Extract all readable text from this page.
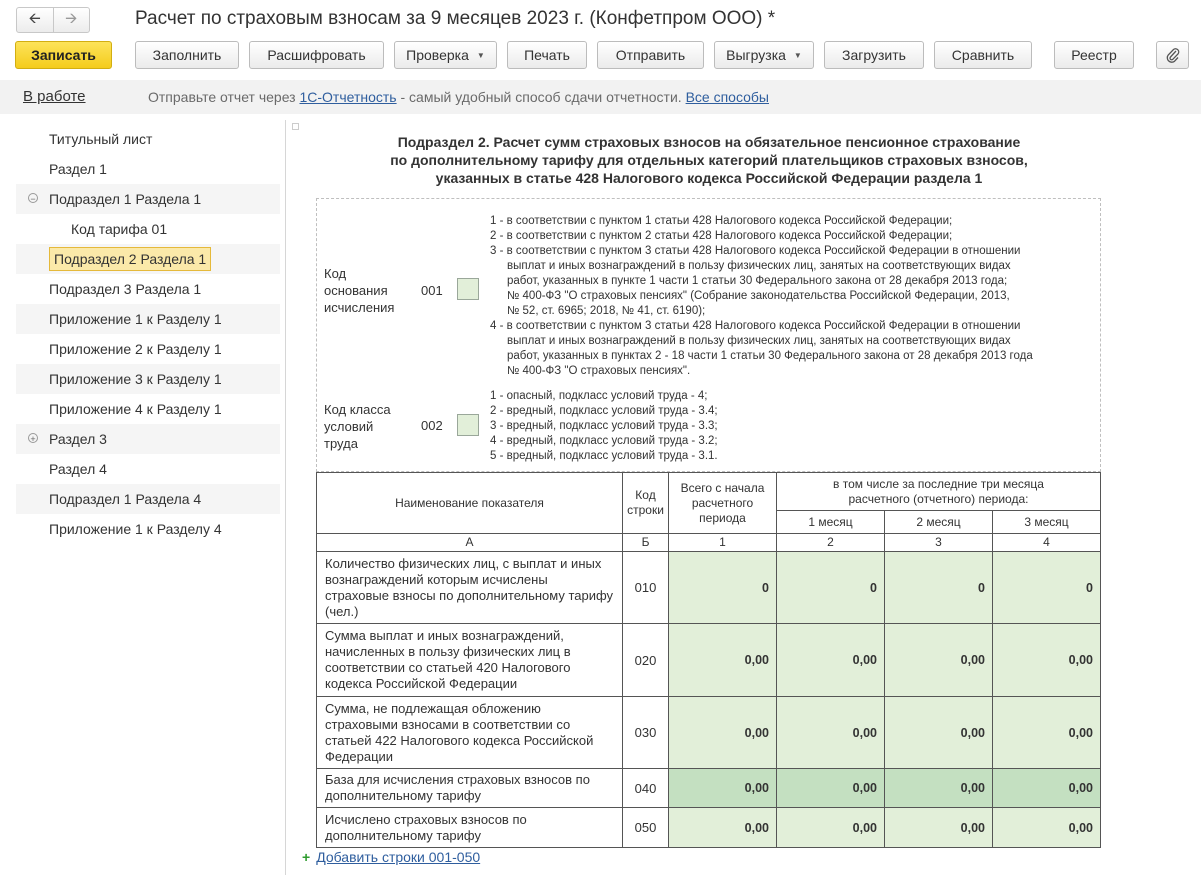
🡨	🡪	Расчет по страховым взносам за 9 месяцев 2023 г. (Конфетпром ООО) *
Записать	Заполнить	Расшифровать	Проверка ▼	Печать	Отправить	Выгрузка ▼	Загрузить	Сравнить	Реестр
В работе	Отправьте отчет через 1С-Отчетность - самый удобный способ сдачи отчетности. Все способы
Титульный лист
Раздел 1
− Подраздел 1 Раздела 1
Код тарифа 01
Подраздел 2 Раздела 1
Подраздел 3 Раздела 1
Приложение 1 к Разделу 1
Приложение 2 к Разделу 1
Приложение 3 к Разделу 1
Приложение 4 к Разделу 1
+ Раздел 3
Раздел 4
Подраздел 1 Раздела 4
Приложение 1 к Разделу 4
Подраздел 2. Расчет сумм страховых взносов на обязательное пенсионное страхование
по дополнительному тарифу для отдельных категорий плательщиков страховых взносов,
указанных в статье 428 Налогового кодекса Российской Федерации раздела 1
Код
основания
исчисления
001
1 - в соответствии с пунктом 1 статьи 428 Налогового кодекса Российской Федерации;
2 - в соответствии с пунктом 2 статьи 428 Налогового кодекса Российской Федерации;
3 - в соответствии с пунктом 3 статьи 428 Налогового кодекса Российской Федерации в отношении
выплат и иных вознаграждений в пользу физических лиц, занятых на соответствующих видах
работ, указанных в пункте 1 части 1 статьи 30 Федерального закона от 28 декабря 2013 года;
№ 400-ФЗ "О страховых пенсиях" (Собрание законодательства Российской Федерации, 2013,
№ 52, ст. 6965; 2018, № 41, ст. 6190);
4 - в соответствии с пунктом 3 статьи 428 Налогового кодекса Российской Федерации в отношении
выплат и иных вознаграждений в пользу физических лиц, занятых на соответствующих видах
работ, указанных в пунктах 2 - 18 части 1 статьи 30 Федерального закона от 28 декабря 2013 года
№ 400-ФЗ "О страховых пенсиях".
Код класса
условий
труда
002
1 - опасный, подкласс условий труда - 4;
2 - вредный, подкласс условий труда - 3.4;
3 - вредный, подкласс условий труда - 3.3;
4 - вредный, подкласс условий труда - 3.2;
5 - вредный, подкласс условий труда - 3.1.
Наименование показателя	Код строки	Всего с начала расчетного периода	в том числе за последние три месяца расчетного (отчетного) периода:		
			1 месяц	2 месяц	3 месяц
А	Б	1	2	3	4
Количество физических лиц, с выплат и иных вознаграждений которым исчислены страховые взносы по дополнительному тарифу (чел.)	010	0	0	0	0
Сумма выплат и иных вознаграждений, начисленных в пользу физических лиц в соответствии со статьей 420 Налогового кодекса Российской Федерации	020	0,00	0,00	0,00	0,00
Сумма, не подлежащая обложению страховыми взносами в соответствии со статьей 422 Налогового кодекса Российской Федерации	030	0,00	0,00	0,00	0,00
База для исчисления страховых взносов по дополнительному тарифу	040	0,00	0,00	0,00	0,00
Исчислено страховых взносов по дополнительному тарифу	050	0,00	0,00	0,00	0,00
+ Добавить строки 001-050
